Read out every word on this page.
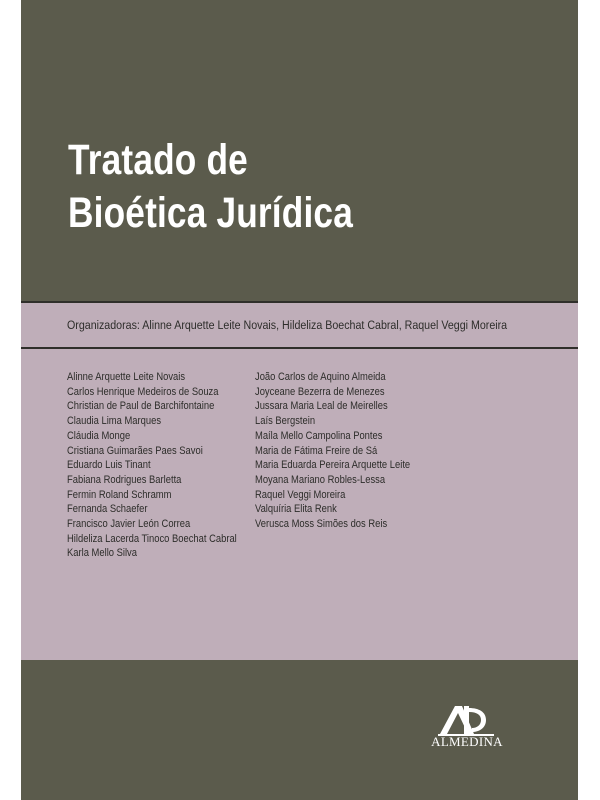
Tratado de
Bioética Jurídica
Organizadoras: Alinne Arquette Leite Novais, Hildeliza Boechat Cabral, Raquel Veggi Moreira
Alinne Arquette Leite Novais
Carlos Henrique Medeiros de Souza
Christian de Paul de Barchifontaine
Claudia Lima Marques
Cláudia Monge
Cristiana Guimarães Paes Savoi
Eduardo Luis Tinant
Fabiana Rodrigues Barletta
Fermin Roland Schramm
Fernanda Schaefer
Francisco Javier León Correa
Hildeliza Lacerda Tinoco Boechat Cabral
Karla Mello Silva
João Carlos de Aquino Almeida
Joyceane Bezerra de Menezes
Jussara Maria Leal de Meirelles
Laís Bergstein
Maíla Mello Campolina Pontes
Maria de Fátima Freire de Sá
Maria Eduarda Pereira Arquette Leite
Moyana Mariano Robles-Lessa
Raquel Veggi Moreira
Valquíria Elita Renk
Verusca Moss Simões dos Reis
ALMEDINA
